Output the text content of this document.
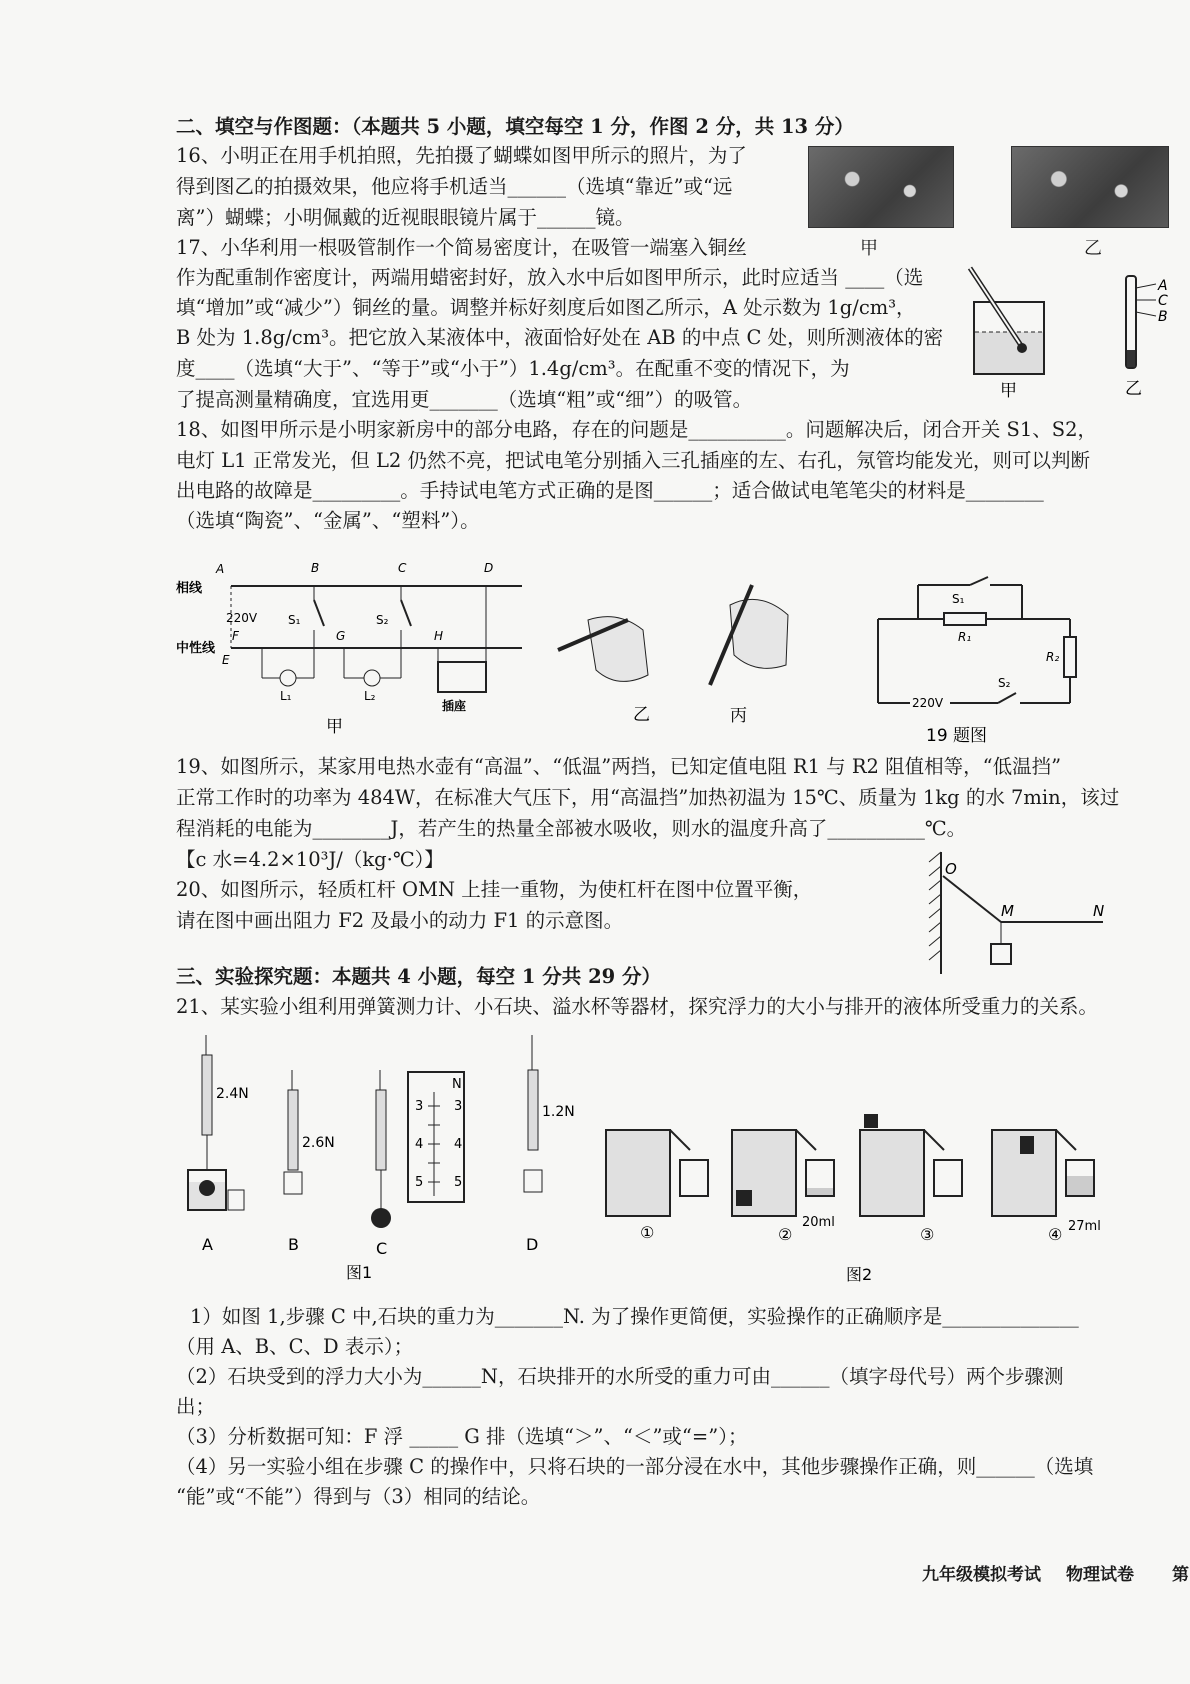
二、填空与作图题：（本题共 5 小题，填空每空 1 分，作图 2 分，共 13 分）
16、小明正在用手机拍照，先拍摄了蝴蝶如图甲所示的照片，为了
得到图乙的拍摄效果，他应将手机适当______（选填“靠近”或“远
离”）蝴蝶；小明佩戴的近视眼眼镜片属于______镜。
甲	乙
17、小华利用一根吸管制作一个简易密度计，在吸管一端塞入铜丝
作为配重制作密度计，两端用蜡密封好，放入水中后如图甲所示，此时应适当 ____（选
填“增加”或“减少”）铜丝的量。调整并标好刻度后如图乙所示，A 处示数为 1g/cm³，
B 处为 1.8g/cm³。把它放入某液体中，液面恰好处在 AB 的中点 C 处，则所测液体的密
度____（选填“大于”、“等于”或“小于”）1.4g/cm³。在配重不变的情况下，为
了提高测量精确度，宜选用更_______（选填“粗”或“细”）的吸管。	甲
A
C
B
乙
18、如图甲所示是小明家新房中的部分电路，存在的问题是__________。问题解决后，闭合开关 S1、S2，
电灯 L1 正常发光，但 L2 仍然不亮，把试电笔分别插入三孔插座的左、右孔，氖管均能发光，则可以判断
出电路的故障是_________。手持试电笔方式正确的是图______；适合做试电笔笔尖的材料是________
（选填“陶瓷”、“金属”、“塑料”）。
相线
A
220V
中性线
F
E
B
S₁
L₁
G
C
S₂
L₂
D
H
插座
甲
乙	丙
S₁
R₁
R₂
220V
S₂
19 题图
19、如图所示，某家用电热水壶有“高温”、“低温”两挡，已知定值电阻 R1 与 R2 阻值相等，“低温挡”
正常工作时的功率为 484W，在标准大气压下，用“高温挡”加热初温为 15℃、质量为 1kg 的水 7min，该过
程消耗的电能为________J，若产生的热量全部被水吸收，则水的温度升高了__________℃。
【c 水=4.2×10³J/（kg·℃）】
20、如图所示，轻质杠杆 OMN 上挂一重物，为使杠杆在图中位置平衡，
请在图中画出阻力 F2 及最小的动力 F1 的示意图。
O
M	N
三、实验探究题：本题共 4 小题，每空 1 分共 29 分）
21、某实验小组利用弹簧测力计、小石块、溢水杯等器材，探究浮力的大小与排开的液体所受重力的关系。
2.4N
A
2.6N
B
3
4
5
N
3
4
5
C
1.2N
D
图1
①	②
20ml
③	④ 27ml
图2
1）如图 1,步骤 C 中,石块的重力为_______N. 为了操作更简便，实验操作的正确顺序是______________
（用 A、B、C、D 表示）；
（2）石块受到的浮力大小为______N，石块排开的水所受的重力可由______（填字母代号）两个步骤测
出；
（3）分析数据可知：F 浮 _____ G 排（选填“＞”、“＜”或“=”）；
（4）另一实验小组在步骤 C 的操作中，只将石块的一部分浸在水中，其他步骤操作正确，则______（选填
“能”或“不能”）得到与（3）相同的结论。
九年级模拟考试 物理试卷 第
